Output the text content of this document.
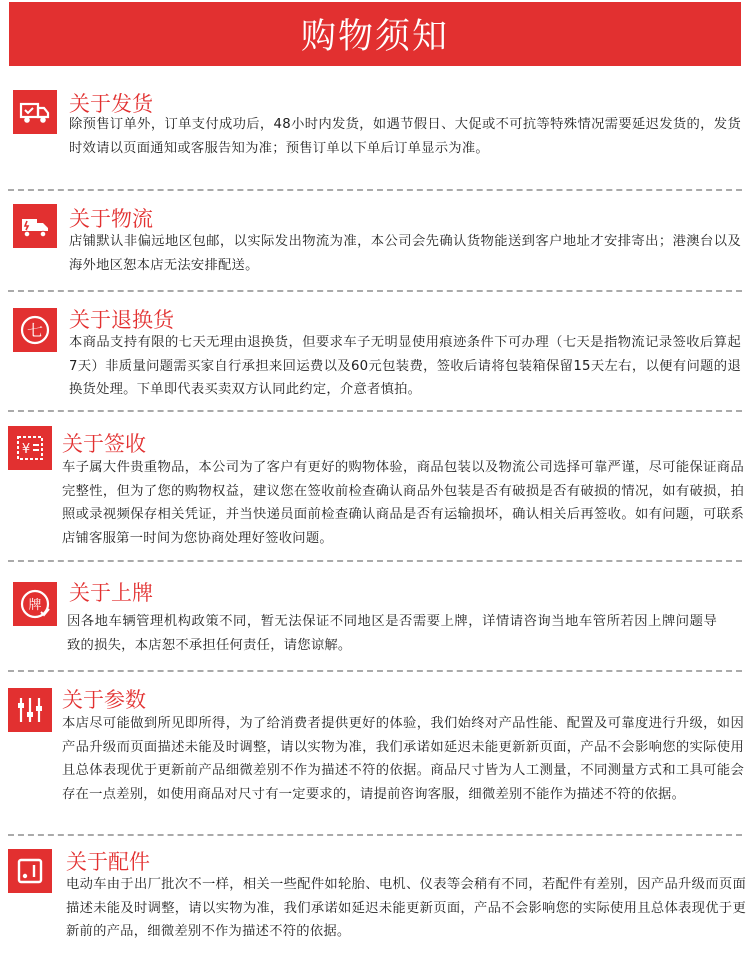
购物须知
关于发货
除预售订单外，订单支付成功后，48小时内发货，如遇节假日、大促或不可抗等特殊情况需要延迟发货的，发货时效请以页面通知或客服告知为准；预售订单以下单后订单显示为准。
关于物流
店铺默认非偏远地区包邮，以实际发出物流为准，本公司会先确认货物能送到客户地址才安排寄出；港澳台以及海外地区恕本店无法安排配送。
七 关于退换货
本商品支持有限的七天无理由退换货，但要求车子无明显使用痕迹条件下可办理（七天是指物流记录签收后算起7天）非质量问题需买家自行承担来回运费以及60元包装费，签收后请将包装箱保留15天左右，以便有问题的退换货处理。下单即代表买卖双方认同此约定，介意者慎拍。
¥ 关于签收
车子属大件贵重物品，本公司为了客户有更好的购物体验，商品包装以及物流公司选择可靠严谨，尽可能保证商品完整性，但为了您的购物权益，建议您在签收前检查确认商品外包装是否有破损是否有破损的情况，如有破损，拍照或录视频保存相关凭证，并当快递员面前检查确认商品是否有运输损坏，确认相关后再签收。如有问题，可联系店铺客服第一时间为您协商处理好签收问题。
牌
关于上牌
因各地车辆管理机构政策不同，暂无法保证不同地区是否需要上牌，详情请咨询当地车管所若因上牌问题导致的损失，本店恕不承担任何责任，请您谅解。
关于参数
本店尽可能做到所见即所得，为了给消费者提供更好的体验，我们始终对产品性能、配置及可靠度进行升级，如因产品升级而页面描述未能及时调整，请以实物为准，我们承诺如延迟未能更新新页面，产品不会影响您的实际使用且总体表现优于更新前产品细微差别不作为描述不符的依据。商品尺寸皆为人工测量，不同测量方式和工具可能会存在一点差别，如使用商品对尺寸有一定要求的，请提前咨询客服，细微差别不能作为描述不符的依据。
关于配件
电动车由于出厂批次不一样，相关一些配件如轮胎、电机、仪表等会稍有不同，若配件有差别，因产品升级而页面描述未能及时调整，请以实物为准，我们承诺如延迟未能更新页面，产品不会影响您的实际使用且总体表现优于更新前的产品，细微差别不作为描述不符的依据。
